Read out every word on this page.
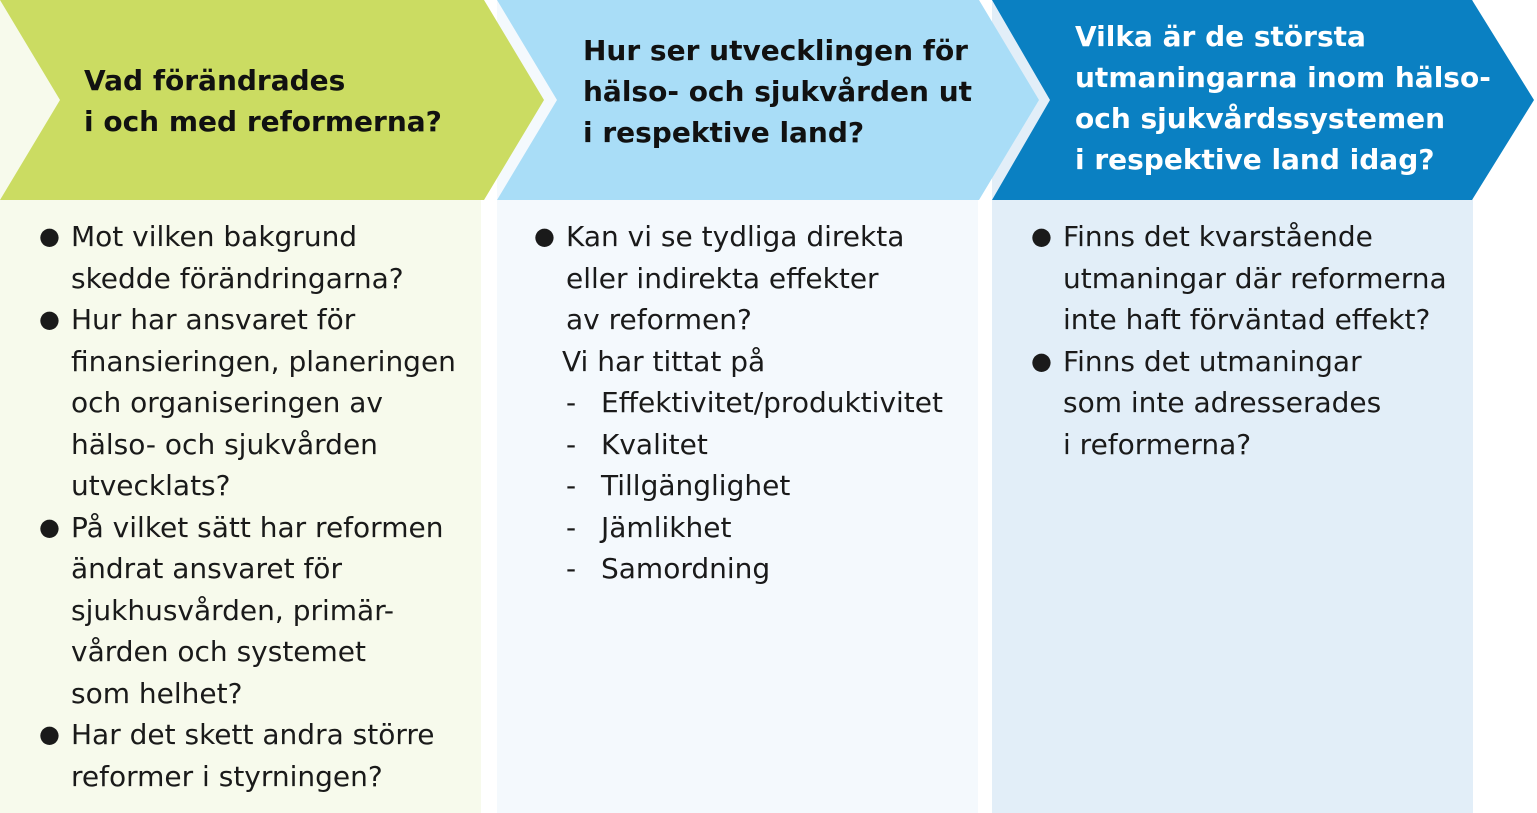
Vad förändrades
i och med reformerna?
Hur ser utvecklingen för
hälso- och sjukvården ut
i respektive land?
Vilka är de största
utmaningarna inom hälso-
och sjukvårdssystemen
i respektive land idag?
● Mot vilken bakgrund
skedde förändringarna?
● Hur har ansvaret för
finansieringen, planeringen
och organiseringen av
hälso- och sjukvården
utvecklats?
● På vilket sätt har reformen
ändrat ansvaret för
sjukhusvården, primär-
vården och systemet
som helhet?
● Har det skett andra större
reformer i styrningen?
● Kan vi se tydliga direkta
eller indirekta effekter
av reformen?
Vi har tittat på
- Effektivitet/produktivitet
- Kvalitet
- Tillgänglighet
- Jämlikhet
- Samordning
● Finns det kvarstående
utmaningar där reformerna
inte haft förväntad effekt?
● Finns det utmaningar
som inte adresserades
i reformerna?
